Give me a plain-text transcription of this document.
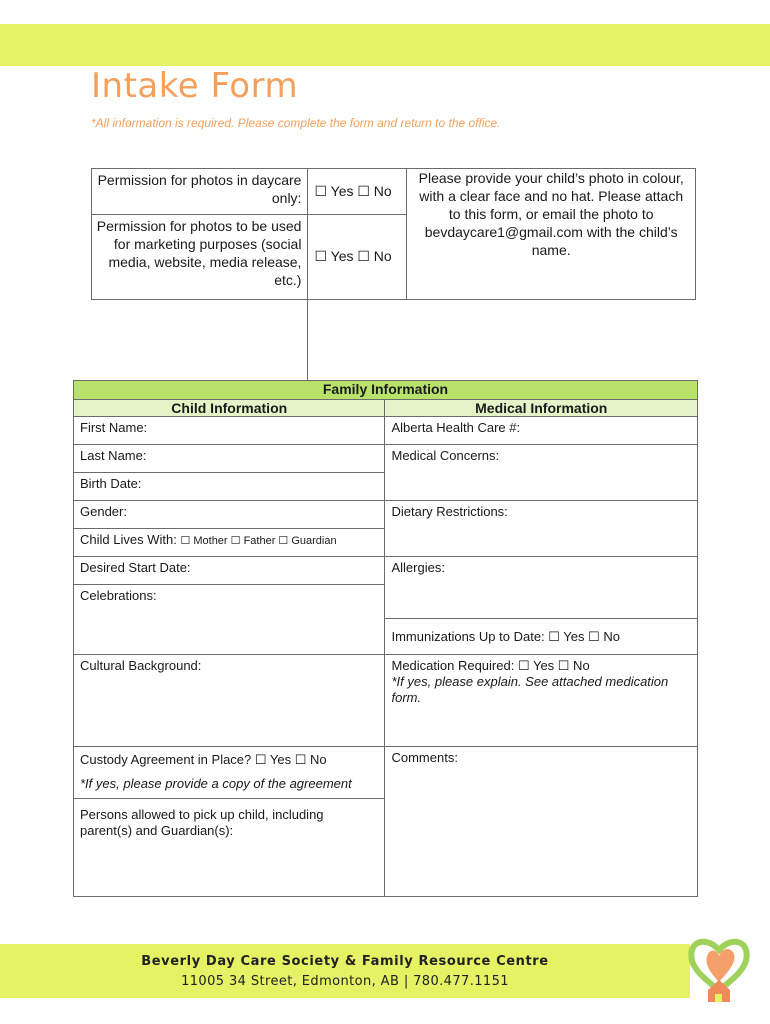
Intake Form
*All information is required. Please complete the form and return to the office.
Permission for photos in daycare only:	☐ Yes ☐ No	Please provide your child’s photo in colour, with a clear face and no hat. Please attach to this form, or email the photo to bevdaycare1@gmail.com with the child’s name.
Permission for photos to be used for marketing purposes (social media, website, media release, etc.)	☐ Yes ☐ No	

Family Information	
Child Information	Medical Information
First Name:	Alberta Health Care #:
Last Name:	Medical Concerns:
Birth Date:	
Gender:	Dietary Restrictions:
Child Lives With: ☐ Mother ☐ Father ☐ Guardian	
Desired Start Date:	Allergies:
Celebrations:	
	Immunizations Up to Date: ☐ Yes ☐ No
Cultural Background:	Medication Required: ☐ Yes ☐ No
*If yes, please explain. See attached medication form.

Custody Agreement in Place? ☐ Yes ☐ No
*If yes, please provide a copy of the agreement	Comments:
Persons allowed to pick up child, including parent(s) and Guardian(s):	
Beverly Day Care Society & Family Resource Centre
11005 34 Street, Edmonton, AB | 780.477.1151
